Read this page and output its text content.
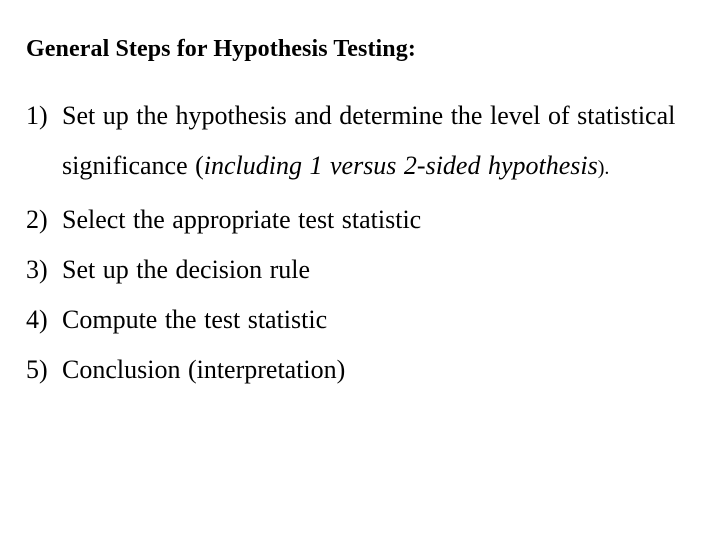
General Steps for Hypothesis Testing:
1) Set up the hypothesis and determine the level of statistical significance (including 1 versus 2-sided hypothesis).
2) Select the appropriate test statistic
3) Set up the decision rule
4) Compute the test statistic
5) Conclusion (interpretation)
